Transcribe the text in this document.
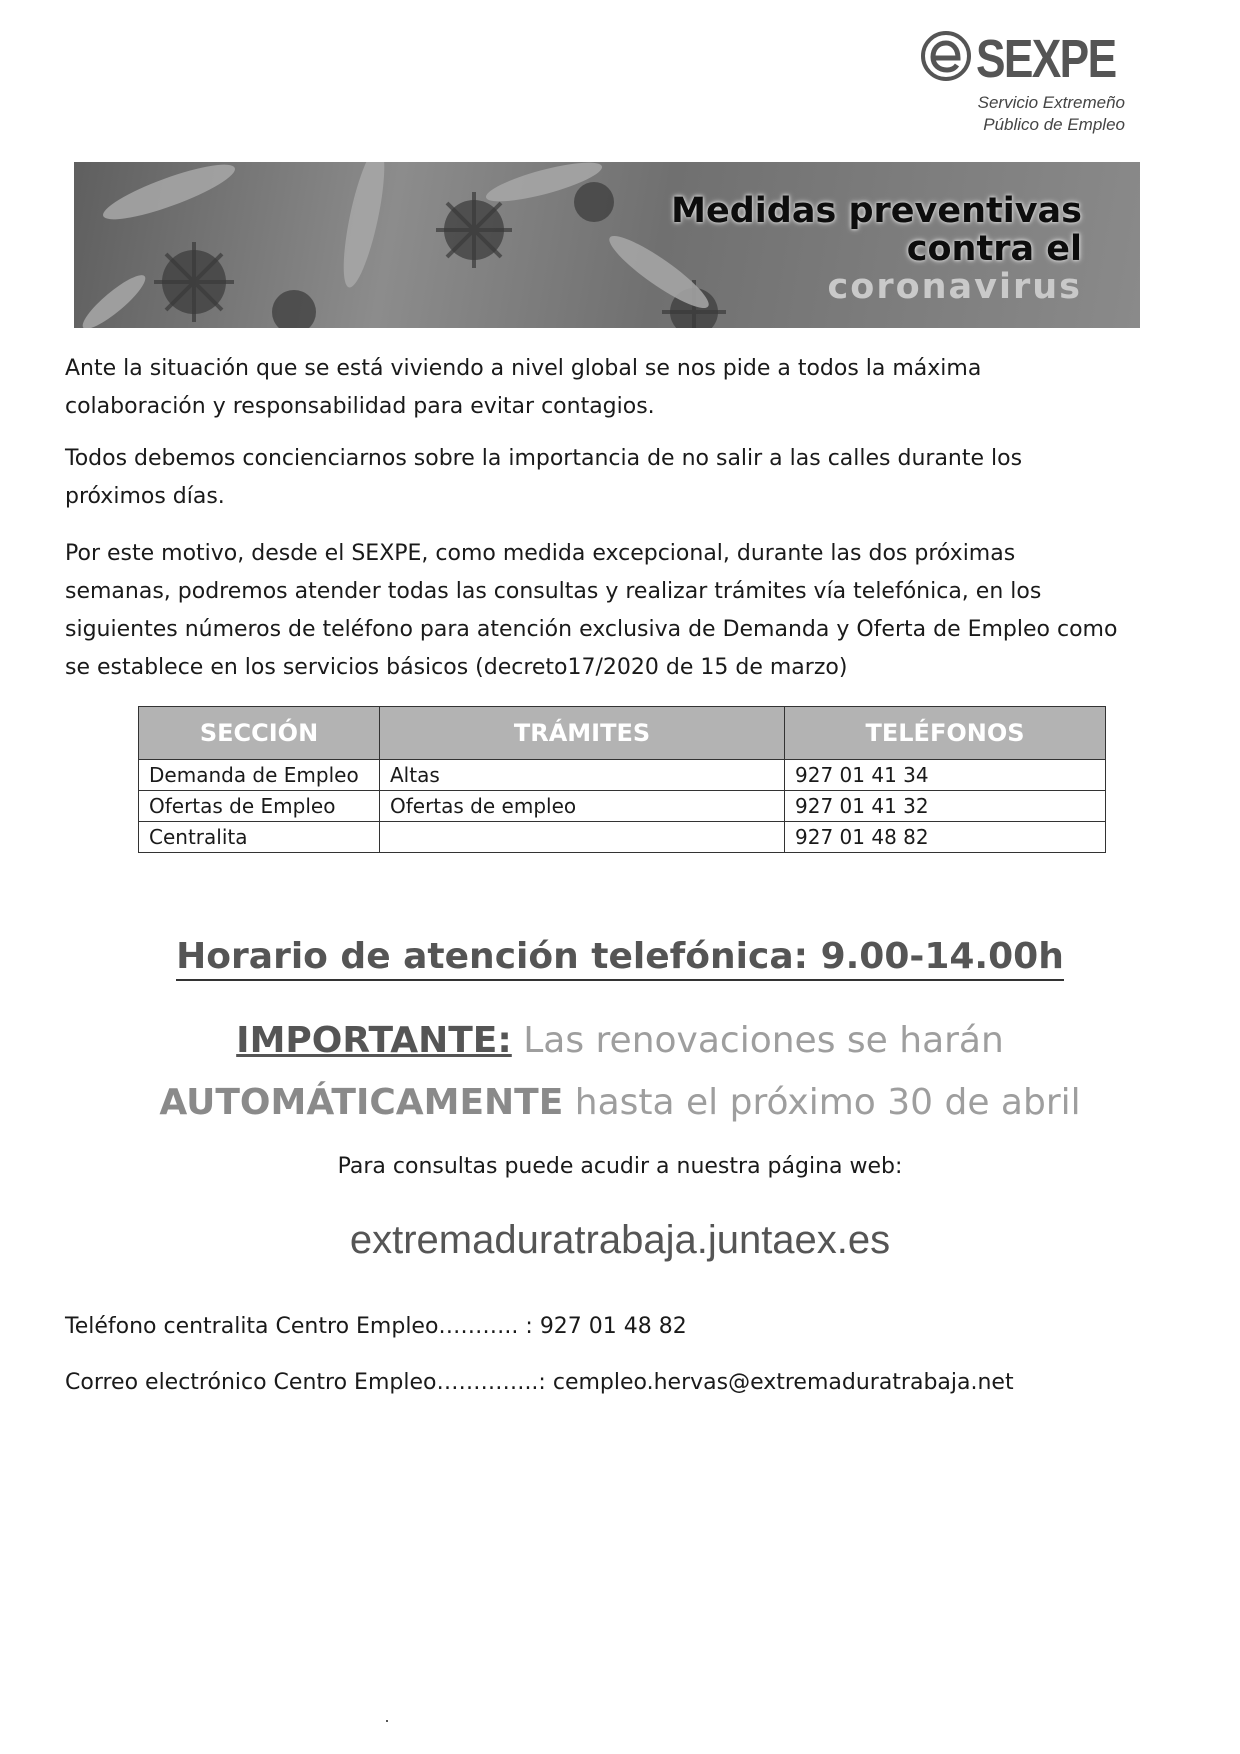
SEXPE
Servicio Extremeño
Público de Empleo
Medidas preventivas
contra el
coronavirus

Ante la situación que se está viviendo a nivel global se nos pide a todos la máxima colaboración y responsabilidad para evitar contagios.

Todos debemos concienciarnos sobre la importancia de no salir a las calles durante los próximos días.

Por este motivo, desde el SEXPE, como medida excepcional, durante las dos próximas semanas, podremos atender todas las consultas y realizar trámites vía telefónica, en los siguientes números de teléfono para atención exclusiva de Demanda y Oferta de Empleo como se establece en los servicios básicos (decreto17/2020 de 15 de marzo)

SECCIÓN	TRÁMITES	TELÉFONOS
Demanda de Empleo	Altas	927 01 41 34
Ofertas de Empleo	Ofertas de empleo	927 01 41 32
Centralita		927 01 48 82
Horario de atención telefónica: 9.00-14.00h
IMPORTANTE: Las renovaciones se harán
AUTOMÁTICAMENTE hasta el próximo 30 de abril
Para consultas puede acudir a nuestra página web:
extremaduratrabaja.juntaex.es
Teléfono centralita Centro Empleo……….. : 927 01 48 82
Correo electrónico Centro Empleo…………..: cempleo.hervas@extremaduratrabaja.net
